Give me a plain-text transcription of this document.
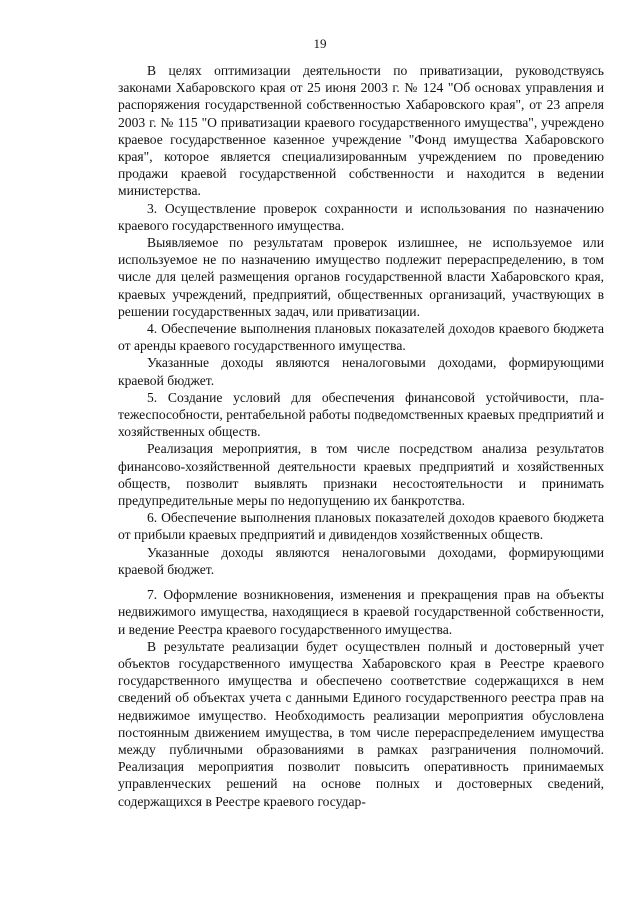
19

В целях оптимизации деятельности по приватизации, руководствуясь законами Хабаровского края от 25 июня 2003 г. № 124 "Об основах управления и распоряжения государственной собственностью Хабаровского края", от 23 апреля 2003 г. № 115 "О приватизации краевого государственного имущества", учреждено краевое государственное казенное учреждение "Фонд имущества Хабаровского края", которое является специализированным учреждением по проведению продажи краевой государственной собственности и находится в ведении министерства.

3. Осуществление проверок сохранности и использования по назначению краевого государственного имущества.

Выявляемое по результатам проверок излишнее, не используемое или используемое не по назначению имущество подлежит перераспределению, в том числе для целей размещения органов государственной власти Хабаровского края, краевых учреждений, предприятий, общественных организаций, участвующих в решении государственных задач, или приватизации.

4. Обеспечение выполнения плановых показателей доходов краевого бюджета от аренды краевого государственного имущества.

Указанные доходы являются неналоговыми доходами, формирующими краевой бюджет.

5. Создание условий для обеспечения финансовой устойчивости, платежеспособности, рентабельной работы подведомственных краевых предприятий и хозяйственных обществ.

Реализация мероприятия, в том числе посредством анализа результатов финансово-хозяйственной деятельности краевых предприятий и хозяйственных обществ, позволит выявлять признаки несостоятельности и принимать предупредительные меры по недопущению их банкротства.

6. Обеспечение выполнения плановых показателей доходов краевого бюджета от прибыли краевых предприятий и дивидендов хозяйственных обществ.

Указанные доходы являются неналоговыми доходами, формирующими краевой бюджет.

7. Оформление возникновения, изменения и прекращения прав на объекты недвижимого имущества, находящиеся в краевой государственной собственности, и ведение Реестра краевого государственного имущества.

В результате реализации будет осуществлен полный и достоверный учет объектов государственного имущества Хабаровского края в Реестре краевого государственного имущества и обеспечено соответствие содержащихся в нем сведений об объектах учета с данными Единого государственного реестра прав на недвижимое имущество. Необходимость реализации мероприятия обусловлена постоянным движением имущества, в том числе перераспределением имущества между публичными образованиями в рамках разграничения полномочий. Реализация мероприятия позволит повысить оперативность принимаемых управленческих решений на основе полных и достоверных сведений, содержащихся в Реестре краевого государ-
